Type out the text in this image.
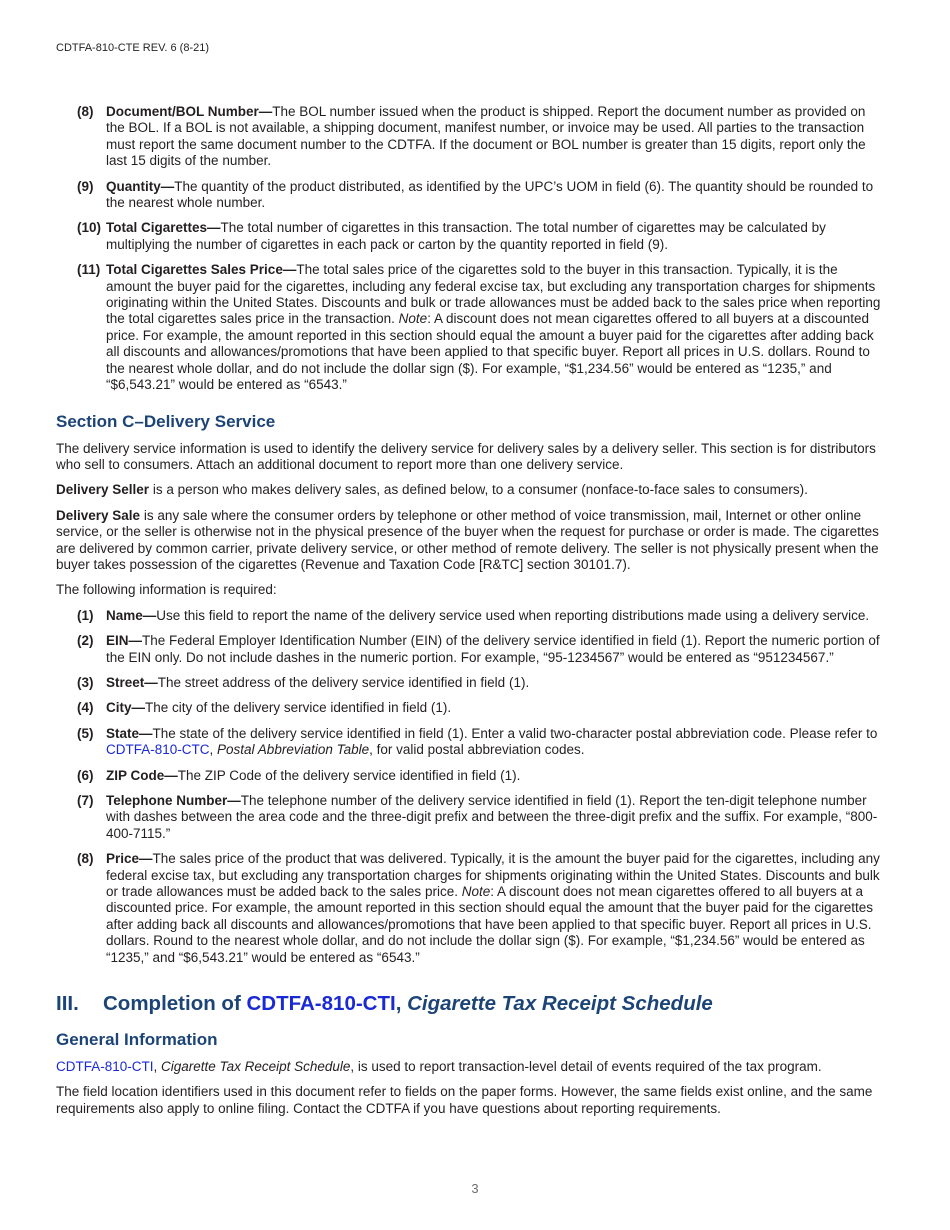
CDTFA-810-CTE REV. 6 (8-21)
(8) Document/BOL Number—The BOL number issued when the product is shipped. Report the document number as provided on the BOL. If a BOL is not available, a shipping document, manifest number, or invoice may be used. All parties to the transaction must report the same document number to the CDTFA. If the document or BOL number is greater than 15 digits, report only the last 15 digits of the number.
(9) Quantity—The quantity of the product distributed, as identified by the UPC’s UOM in field (6). The quantity should be rounded to the nearest whole number.
(10) Total Cigarettes—The total number of cigarettes in this transaction. The total number of cigarettes may be calculated by multiplying the number of cigarettes in each pack or carton by the quantity reported in field (9).
(11) Total Cigarettes Sales Price—The total sales price of the cigarettes sold to the buyer in this transaction. Typically, it is the amount the buyer paid for the cigarettes, including any federal excise tax, but excluding any transportation charges for shipments originating within the United States. Discounts and bulk or trade allowances must be added back to the sales price when reporting the total cigarettes sales price in the transaction. Note: A discount does not mean cigarettes offered to all buyers at a discounted price. For example, the amount reported in this section should equal the amount a buyer paid for the cigarettes after adding back all discounts and allowances/promotions that have been applied to that specific buyer. Report all prices in U.S. dollars. Round to the nearest whole dollar, and do not include the dollar sign ($). For example, “$1,234.56” would be entered as “1235,” and “$6,543.21” would be entered as “6543.”
Section C–Delivery Service

The delivery service information is used to identify the delivery service for delivery sales by a delivery seller. This section is for distributors who sell to consumers. Attach an additional document to report more than one delivery service.

Delivery Seller is a person who makes delivery sales, as defined below, to a consumer (nonface-to-face sales to consumers).

Delivery Sale is any sale where the consumer orders by telephone or other method of voice transmission, mail, Internet or other online service, or the seller is otherwise not in the physical presence of the buyer when the request for purchase or order is made. The cigarettes are delivered by common carrier, private delivery service, or other method of remote delivery. The seller is not physically present when the buyer takes possession of the cigarettes (Revenue and Taxation Code [R&TC] section 30101.7).

The following information is required:

(1) Name—Use this field to report the name of the delivery service used when reporting distributions made using a delivery service.
(2) EIN—The Federal Employer Identification Number (EIN) of the delivery service identified in field (1). Report the numeric portion of the EIN only. Do not include dashes in the numeric portion. For example, “95-1234567” would be entered as “951234567.”
(3) Street—The street address of the delivery service identified in field (1).
(4) City—The city of the delivery service identified in field (1).
(5) State—The state of the delivery service identified in field (1). Enter a valid two-character postal abbreviation code. Please refer to CDTFA-810-CTC, Postal Abbreviation Table, for valid postal abbreviation codes.
(6) ZIP Code—The ZIP Code of the delivery service identified in field (1).
(7) Telephone Number—The telephone number of the delivery service identified in field (1). Report the ten-digit telephone number with dashes between the area code and the three-digit prefix and between the three-digit prefix and the suffix. For example, “800-400-7115.”
(8) Price—The sales price of the product that was delivered. Typically, it is the amount the buyer paid for the cigarettes, including any federal excise tax, but excluding any transportation charges for shipments originating within the United States. Discounts and bulk or trade allowances must be added back to the sales price. Note: A discount does not mean cigarettes offered to all buyers at a discounted price. For example, the amount reported in this section should equal the amount that the buyer paid for the cigarettes after adding back all discounts and allowances/promotions that have been applied to that specific buyer. Report all prices in U.S. dollars. Round to the nearest whole dollar, and do not include the dollar sign ($). For example, “$1,234.56” would be entered as “1235,” and “$6,543.21” would be entered as “6543.”
III. Completion of CDTFA-810-CTI, Cigarette Tax Receipt Schedule
General Information

CDTFA-810-CTI, Cigarette Tax Receipt Schedule, is used to report transaction-level detail of events required of the tax program.

The field location identifiers used in this document refer to fields on the paper forms. However, the same fields exist online, and the same requirements also apply to online filing. Contact the CDTFA if you have questions about reporting requirements.

3
